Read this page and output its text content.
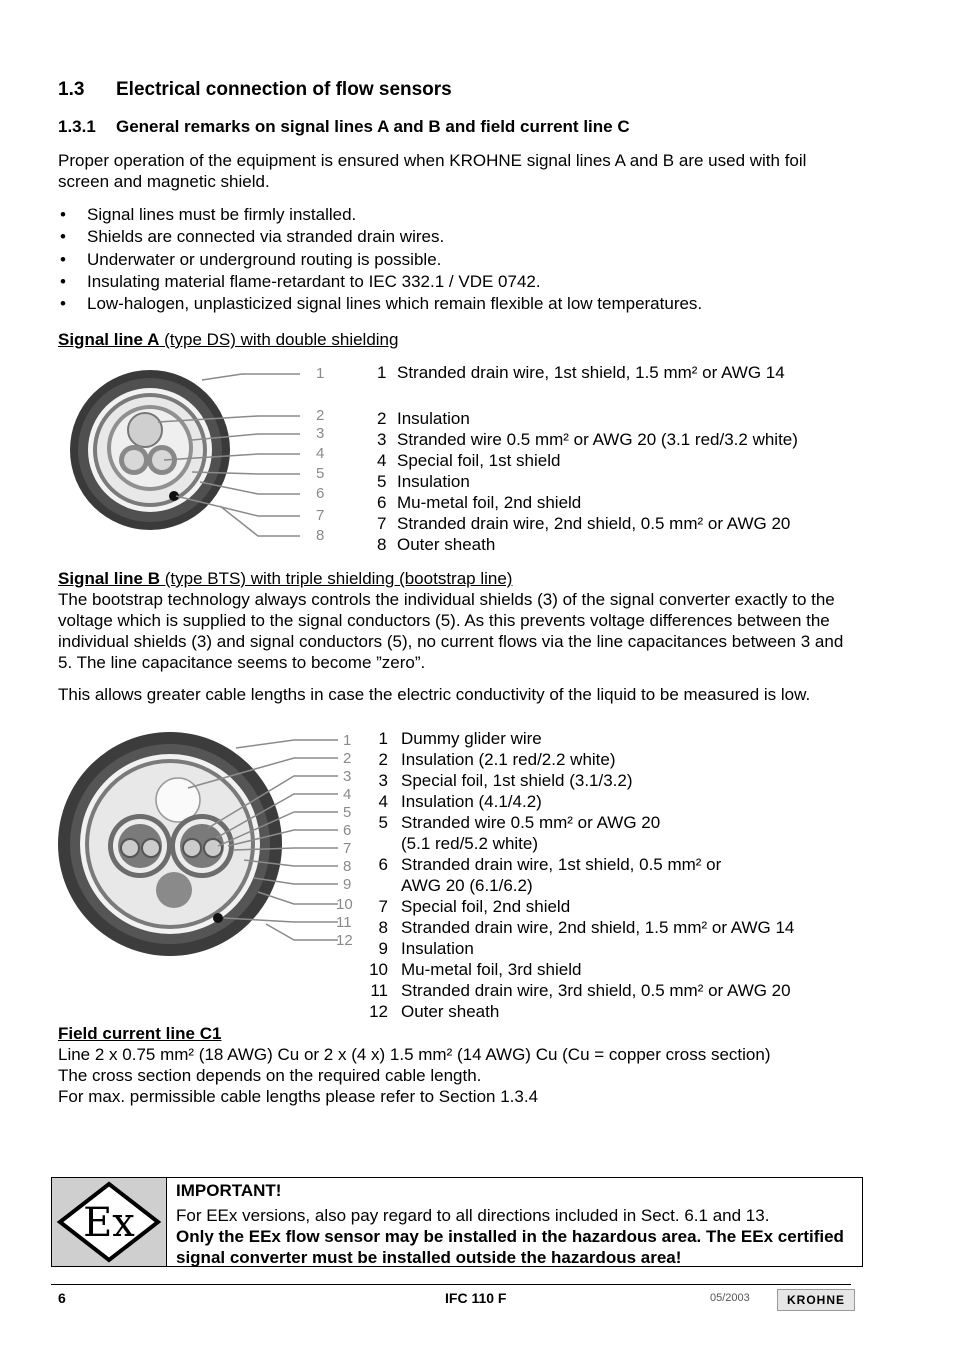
1.3 Electrical connection of flow sensors
1.3.1 General remarks on signal lines A and B and field current line C

Proper operation of the equipment is ensured when KROHNE signal lines A and B are used with foil screen and magnetic shield.

• Signal lines must be firmly installed.
• Shields are connected via stranded drain wires.
• Underwater or underground routing is possible.
• Insulating material flame-retardant to IEC 332.1 / VDE 0742.
• Low-halogen, unplasticized signal lines which remain flexible at low temperatures.
Signal line A (type DS) with double shielding
1
2
3
4
5
6
7
8
1 Stranded drain wire, 1st shield, 1.5 mm² or AWG 14
2 Insulation
3 Stranded wire 0.5 mm² or AWG 20 (3.1 red/3.2 white)
4 Special foil, 1st shield
5 Insulation
6 Mu-metal foil, 2nd shield
7 Stranded drain wire, 2nd shield, 0.5 mm² or AWG 20
8 Outer sheath
Signal line B (type BTS) with triple shielding (bootstrap line)

The bootstrap technology always controls the individual shields (3) of the signal converter exactly to the voltage which is supplied to the signal conductors (5). As this prevents voltage differences between the individual shields (3) and signal conductors (5), no current flows via the line capacitances between 3 and 5. The line capacitance seems to become ”zero”.

This allows greater cable lengths in case the electric conductivity of the liquid to be measured is low.

1
2
3
4
5
6
7
8
9
10
11
12
1 Dummy glider wire
2 Insulation (2.1 red/2.2 white)
3 Special foil, 1st shield (3.1/3.2)
4 Insulation (4.1/4.2)
5 Stranded wire 0.5 mm² or AWG 20
(5.1 red/5.2 white)
6 Stranded drain wire, 1st shield, 0.5 mm² or
AWG 20 (6.1/6.2)
7 Special foil, 2nd shield
8 Stranded drain wire, 2nd shield, 1.5 mm² or AWG 14
9 Insulation
10 Mu-metal foil, 3rd shield
11 Stranded drain wire, 3rd shield, 0.5 mm² or AWG 20
12 Outer sheath
Field current line C1
Line 2 x 0.75 mm² (18 AWG) Cu or 2 x (4 x) 1.5 mm² (14 AWG) Cu (Cu = copper cross section)
The cross section depends on the required cable length.
For max. permissible cable lengths please refer to Section 1.3.4
Ex
IMPORTANT!
For EEx versions, also pay regard to all directions included in Sect. 6.1 and 13.
Only the EEx flow sensor may be installed in the hazardous area. The EEx certified signal converter must be installed outside the hazardous area!
6	IFC 110 F	05/2003	KROHNE
